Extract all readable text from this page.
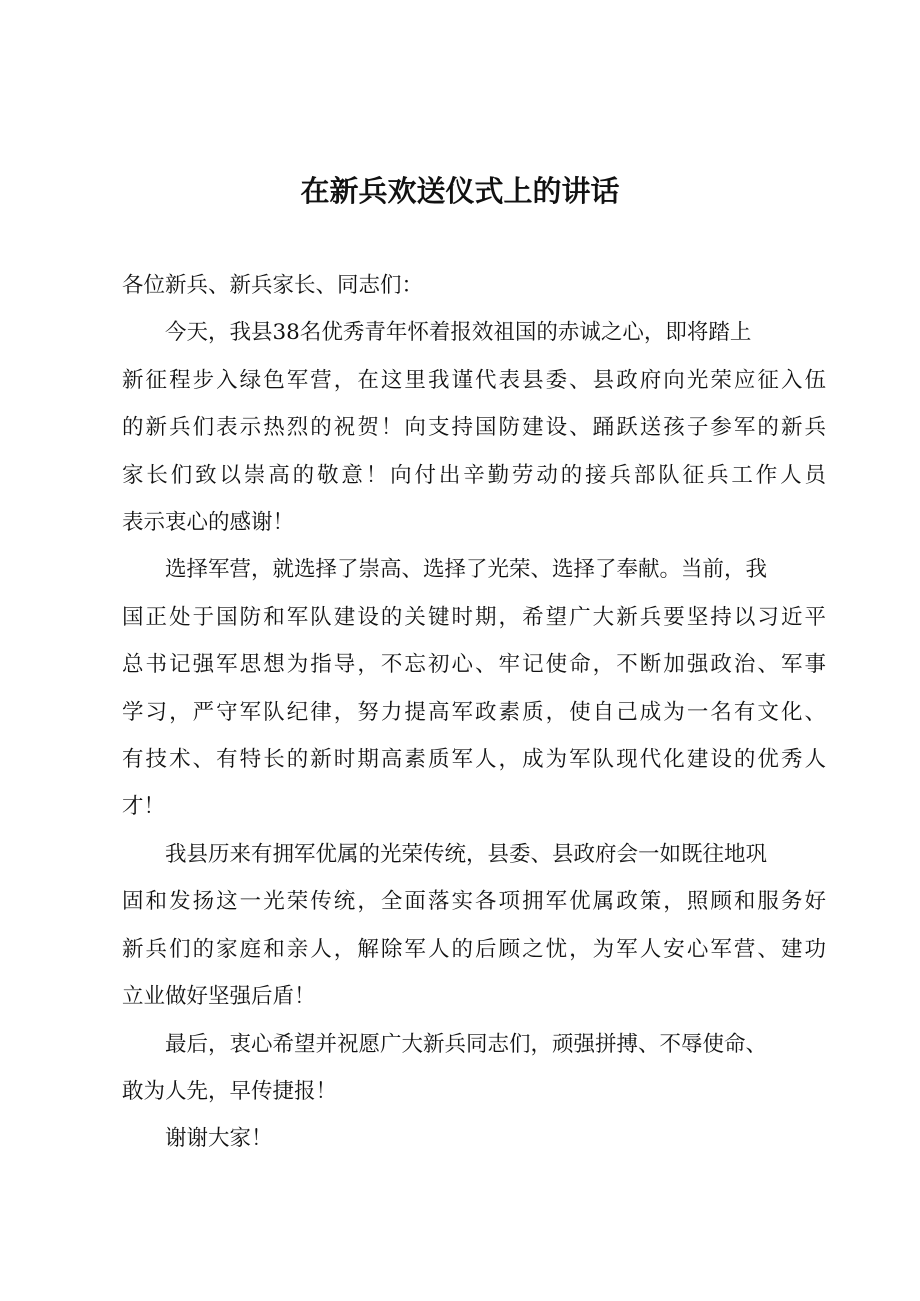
在新兵欢送仪式上的讲话

各位新兵、新兵家长、同志们：

今天，我县38名优秀青年怀着报效祖国的赤诚之心，即将踏上
新征程步入绿色军营，在这里我谨代表县委、县政府向光荣应征入伍
的新兵们表示热烈的祝贺！向支持国防建设、踊跃送孩子参军的新兵
家长们致以崇高的敬意！向付出辛勤劳动的接兵部队征兵工作人员
表示衷心的感谢！

选择军营，就选择了崇高、选择了光荣、选择了奉献。当前，我
国正处于国防和军队建设的关键时期，希望广大新兵要坚持以习近平
总书记强军思想为指导，不忘初心、牢记使命，不断加强政治、军事
学习，严守军队纪律，努力提高军政素质，使自己成为一名有文化、
有技术、有特长的新时期高素质军人，成为军队现代化建设的优秀人
才！

我县历来有拥军优属的光荣传统，县委、县政府会一如既往地巩
固和发扬这一光荣传统，全面落实各项拥军优属政策，照顾和服务好
新兵们的家庭和亲人，解除军人的后顾之忧，为军人安心军营、建功
立业做好坚强后盾！

最后，衷心希望并祝愿广大新兵同志们，顽强拼搏、不辱使命、
敢为人先，早传捷报！

谢谢大家！
